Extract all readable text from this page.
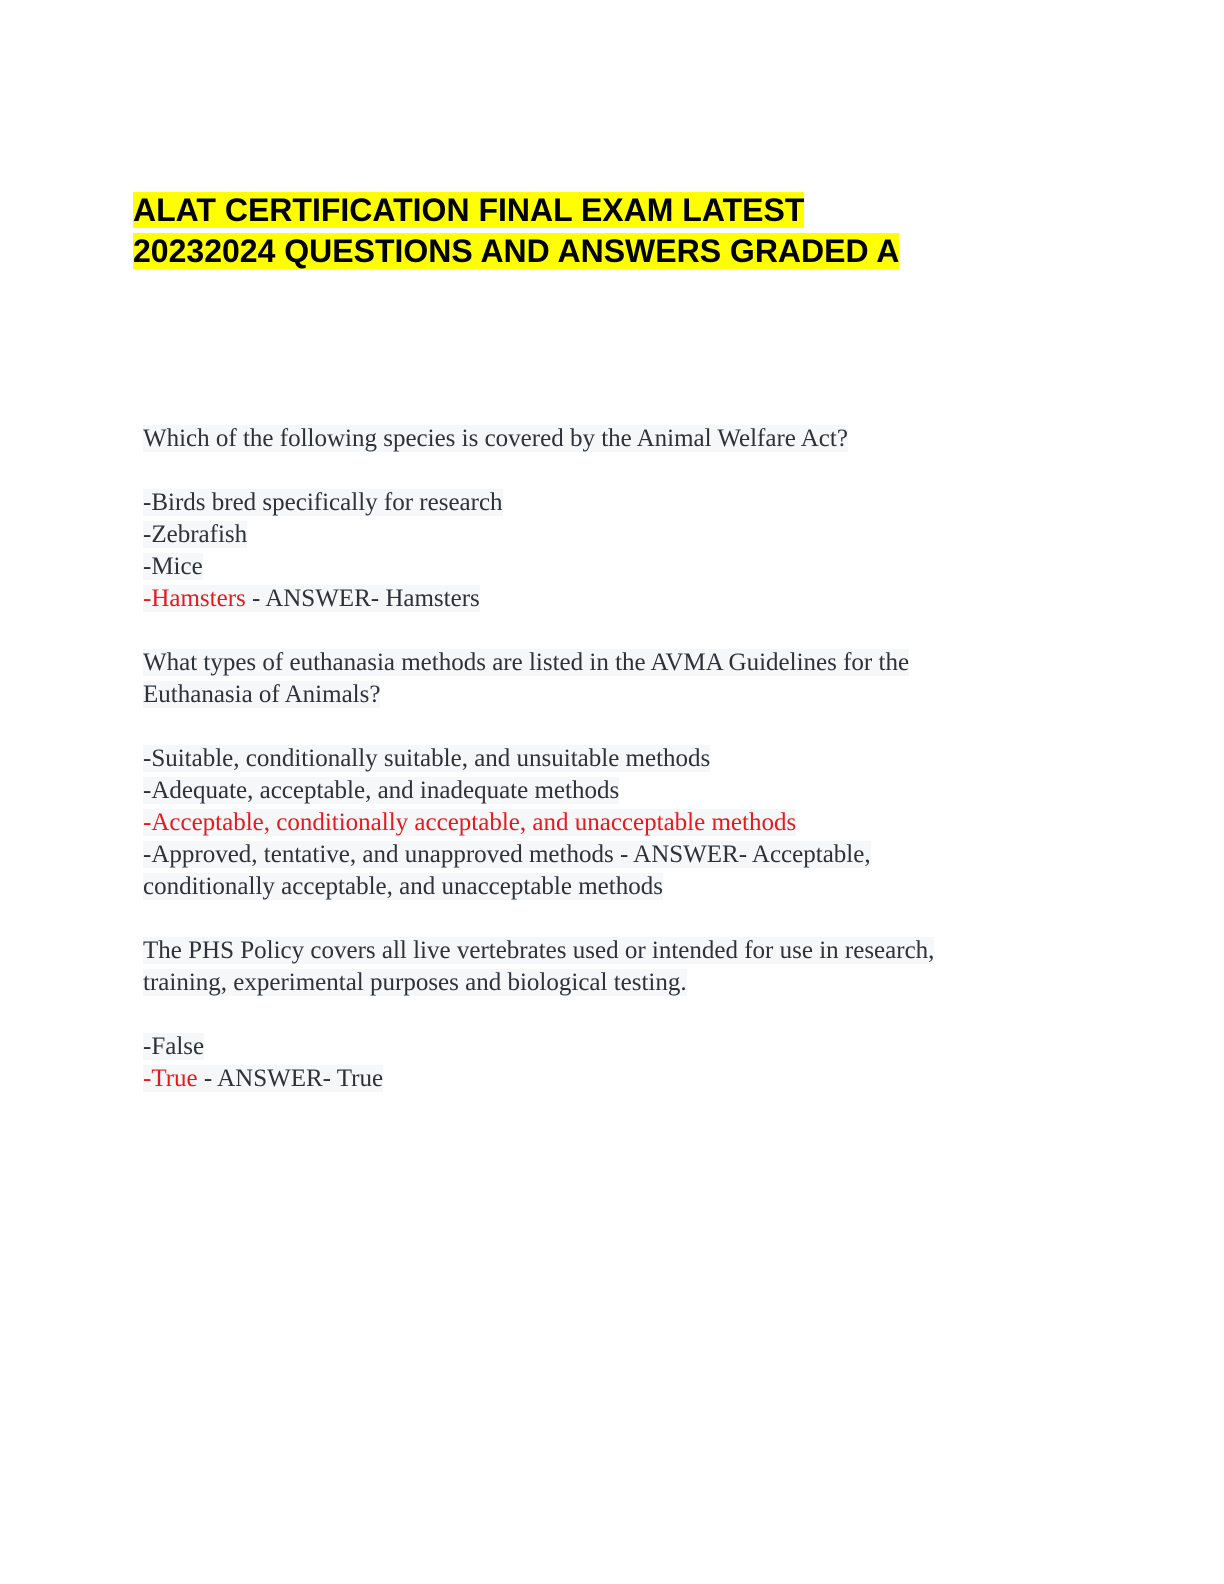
ALAT CERTIFICATION FINAL EXAM LATEST
20232024 QUESTIONS AND ANSWERS GRADED A
Which of the following species is covered by the Animal Welfare Act?
-Birds bred specifically for research
-Zebrafish
-Mice
-Hamsters - ANSWER- Hamsters
What types of euthanasia methods are listed in the AVMA Guidelines for the
Euthanasia of Animals?
-Suitable, conditionally suitable, and unsuitable methods
-Adequate, acceptable, and inadequate methods
-Acceptable, conditionally acceptable, and unacceptable methods
-Approved, tentative, and unapproved methods - ANSWER- Acceptable,
conditionally acceptable, and unacceptable methods
The PHS Policy covers all live vertebrates used or intended for use in research,
training, experimental purposes and biological testing.
-False
-True - ANSWER- True
